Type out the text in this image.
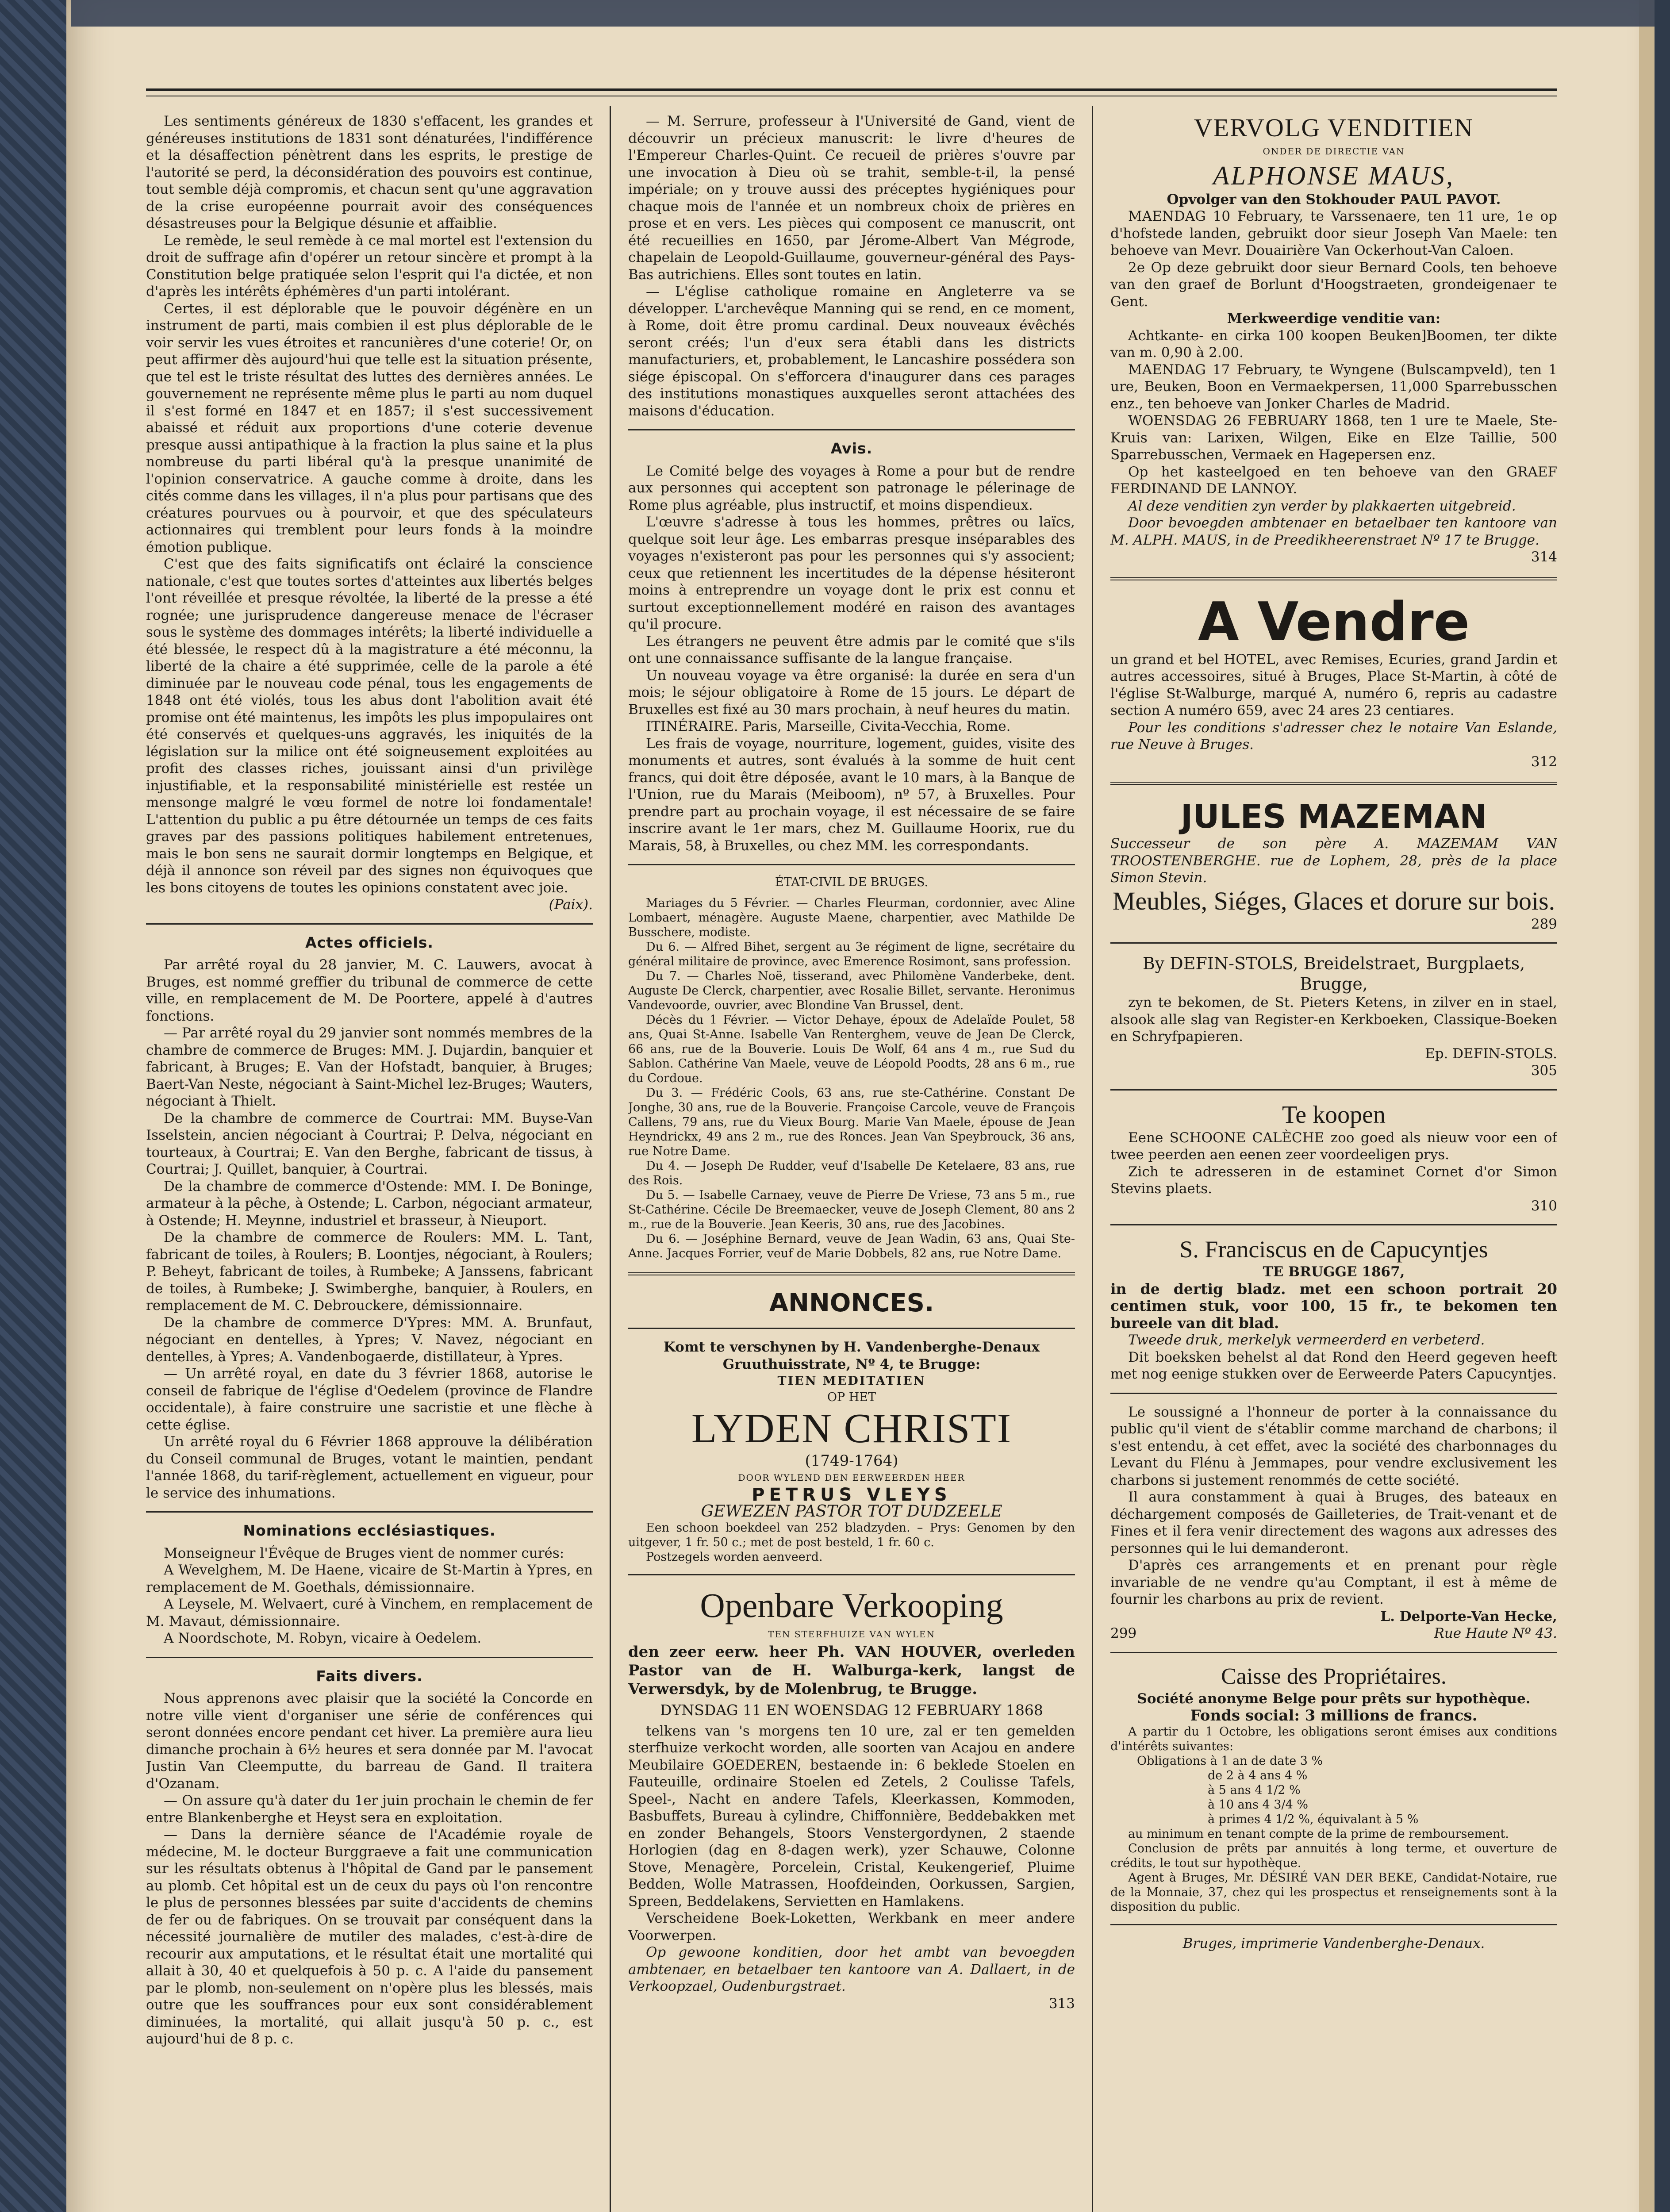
Les sentiments généreux de 1830 s'effacent, les grandes et généreuses institutions de 1831 sont dénaturées, l'indifférence et la désaffection pénètrent dans les esprits, le prestige de l'autorité se perd, la déconsidération des pouvoirs est continue, tout semble déjà compromis, et chacun sent qu'une aggravation de la crise européenne pourrait avoir des conséquences désastreuses pour la Belgique désunie et affaiblie.

Le remède, le seul remède à ce mal mortel est l'extension du droit de suffrage afin d'opérer un retour sincère et prompt à la Constitution belge pratiquée selon l'esprit qui l'a dictée, et non d'après les intérêts éphémères d'un parti intolérant.

Certes, il est déplorable que le pouvoir dégénère en un instrument de parti, mais combien il est plus déplorable de le voir servir les vues étroites et rancunières d'une coterie! Or, on peut affirmer dès aujourd'hui que telle est la situation présente, que tel est le triste résultat des luttes des dernières années. Le gouvernement ne représente même plus le parti au nom duquel il s'est formé en 1847 et en 1857; il s'est successivement abaissé et réduit aux proportions d'une coterie devenue presque aussi antipathique à la fraction la plus saine et la plus nombreuse du parti libéral qu'à la presque unanimité de l'opinion conservatrice. A gauche comme à droite, dans les cités comme dans les villages, il n'a plus pour partisans que des créatures pourvues ou à pourvoir, et que des spéculateurs actionnaires qui tremblent pour leurs fonds à la moindre émotion publique.

C'est que des faits significatifs ont éclairé la conscience nationale, c'est que toutes sortes d'atteintes aux libertés belges l'ont réveillée et presque révoltée, la liberté de la presse a été rognée; une jurisprudence dangereuse menace de l'écraser sous le système des dommages intérêts; la liberté individuelle a été blessée, le respect dû à la magistrature a été méconnu, la liberté de la chaire a été supprimée, celle de la parole a été diminuée par le nouveau code pénal, tous les engagements de 1848 ont été violés, tous les abus dont l'abolition avait été promise ont été maintenus, les impôts les plus impopulaires ont été conservés et quelques-uns aggravés, les iniquités de la législation sur la milice ont été soigneusement exploitées au profit des classes riches, jouissant ainsi d'un privilège injustifiable, et la responsabilité ministérielle est restée un mensonge malgré le vœu formel de notre loi fondamentale! L'attention du public a pu être détournée un temps de ces faits graves par des passions politiques habilement entretenues, mais le bon sens ne saurait dormir longtemps en Belgique, et déjà il annonce son réveil par des signes non équivoques que les bons citoyens de toutes les opinions constatent avec joie.

(Paix).

Actes officiels.

Par arrêté royal du 28 janvier, M. C. Lauwers, avocat à Bruges, est nommé greffier du tribunal de commerce de cette ville, en remplacement de M. De Poortere, appelé à d'autres fonctions.

— Par arrêté royal du 29 janvier sont nommés membres de la chambre de commerce de Bruges: MM. J. Dujardin, banquier et fabricant, à Bruges; E. Van der Hofstadt, banquier, à Bruges; Baert-Van Neste, négociant à Saint-Michel lez-Bruges; Wauters, négociant à Thielt.

De la chambre de commerce de Courtrai: MM. Buyse-Van Isselstein, ancien négociant à Courtrai; P. Delva, négociant en tourteaux, à Courtrai; E. Van den Berghe, fabricant de tissus, à Courtrai; J. Quillet, banquier, à Courtrai.

De la chambre de commerce d'Ostende: MM. I. De Boninge, armateur à la pêche, à Ostende; L. Carbon, négociant armateur, à Ostende; H. Meynne, industriel et brasseur, à Nieuport.

De la chambre de commerce de Roulers: MM. L. Tant, fabricant de toiles, à Roulers; B. Loontjes, négociant, à Roulers; P. Beheyt, fabricant de toiles, à Rumbeke; A Janssens, fabricant de toiles, à Rumbeke; J. Swimberghe, banquier, à Roulers, en remplacement de M. C. Debrouckere, démissionnaire.

De la chambre de commerce D'Ypres: MM. A. Brunfaut, négociant en dentelles, à Ypres; V. Navez, négociant en dentelles, à Ypres; A. Vandenbogaerde, distillateur, à Ypres.

— Un arrêté royal, en date du 3 février 1868, autorise le conseil de fabrique de l'église d'Oedelem (province de Flandre occidentale), à faire construire une sacristie et une flèche à cette église.

Un arrêté royal du 6 Février 1868 approuve la délibération du Conseil communal de Bruges, votant le maintien, pendant l'année 1868, du tarif-règlement, actuellement en vigueur, pour le service des inhumations.

Nominations ecclésiastiques.

Monseigneur l'Évêque de Bruges vient de nommer curés:

A Wevelghem, M. De Haene, vicaire de St-Martin à Ypres, en remplacement de M. Goethals, démissionnaire.

A Leysele, M. Welvaert, curé à Vinchem, en remplacement de M. Mavaut, démissionnaire.

A Noordschote, M. Robyn, vicaire à Oedelem.

Faits divers.

Nous apprenons avec plaisir que la société la Concorde en notre ville vient d'organiser une série de conférences qui seront données encore pendant cet hiver. La première aura lieu dimanche prochain à 6½ heures et sera donnée par M. l'avocat Justin Van Cleemputte, du barreau de Gand. Il traitera d'Ozanam.

— On assure qu'à dater du 1er juin prochain le chemin de fer entre Blankenberghe et Heyst sera en exploitation.

— Dans la dernière séance de l'Académie royale de médecine, M. le docteur Burggraeve a fait une communication sur les résultats obtenus à l'hôpital de Gand par le pansement au plomb. Cet hôpital est un de ceux du pays où l'on rencontre le plus de personnes blessées par suite d'accidents de chemins de fer ou de fabriques. On se trouvait par conséquent dans la nécessité journalière de mutiler des malades, c'est-à-dire de recourir aux amputations, et le résultat était une mortalité qui allait à 30, 40 et quelquefois à 50 p. c. A l'aide du pansement par le plomb, non-seulement on n'opère plus les blessés, mais outre que les souffrances pour eux sont considérablement diminuées, la mortalité, qui allait jusqu'à 50 p. c., est aujourd'hui de 8 p. c.

— M. Serrure, professeur à l'Université de Gand, vient de découvrir un précieux manuscrit: le livre d'heures de l'Empereur Charles-Quint. Ce recueil de prières s'ouvre par une invocation à Dieu où se trahit, semble-t-il, la pensé impériale; on y trouve aussi des préceptes hygiéniques pour chaque mois de l'année et un nombreux choix de prières en prose et en vers. Les pièces qui composent ce manuscrit, ont été recueillies en 1650, par Jérome-Albert Van Mégrode, chapelain de Leopold-Guillaume, gouverneur-général des Pays-Bas autrichiens. Elles sont toutes en latin.

— L'église catholique romaine en Angleterre va se développer. L'archevêque Manning qui se rend, en ce moment, à Rome, doit être promu cardinal. Deux nouveaux évêchés seront créés; l'un d'eux sera établi dans les districts manufacturiers, et, probablement, le Lancashire possédera son siége épiscopal. On s'efforcera d'inaugurer dans ces parages des institutions monastiques auxquelles seront attachées des maisons d'éducation.

Avis.

Le Comité belge des voyages à Rome a pour but de rendre aux personnes qui acceptent son patronage le pélerinage de Rome plus agréable, plus instructif, et moins dispendieux.

L'œuvre s'adresse à tous les hommes, prêtres ou laïcs, quelque soit leur âge. Les embarras presque inséparables des voyages n'existeront pas pour les personnes qui s'y associent; ceux que retiennent les incertitudes de la dépense hésiteront moins à entreprendre un voyage dont le prix est connu et surtout exceptionnellement modéré en raison des avantages qu'il procure.

Les étrangers ne peuvent être admis par le comité que s'ils ont une connaissance suffisante de la langue française.

Un nouveau voyage va être organisé: la durée en sera d'un mois; le séjour obligatoire à Rome de 15 jours. Le départ de Bruxelles est fixé au 30 mars prochain, à neuf heures du matin.

ITINÉRAIRE. Paris, Marseille, Civita-Vecchia, Rome.

Les frais de voyage, nourriture, logement, guides, visite des monuments et autres, sont évalués à la somme de huit cent francs, qui doit être déposée, avant le 10 mars, à la Banque de l'Union, rue du Marais (Meiboom), nº 57, à Bruxelles. Pour prendre part au prochain voyage, il est nécessaire de se faire inscrire avant le 1er mars, chez M. Guillaume Hoorix, rue du Marais, 58, à Bruxelles, ou chez MM. les correspondants.

ÉTAT-CIVIL DE BRUGES.

Mariages du 5 Février. — Charles Fleurman, cordonnier, avec Aline Lombaert, ménagère. Auguste Maene, charpentier, avec Mathilde De Busschere, modiste.

Du 6. — Alfred Bihet, sergent au 3e régiment de ligne, secrétaire du général militaire de province, avec Emerence Rosimont, sans profession.

Du 7. — Charles Noë, tisserand, avec Philomène Vanderbeke, dent. Auguste De Clerck, charpentier, avec Rosalie Billet, servante. Heronimus Vandevoorde, ouvrier, avec Blondine Van Brussel, dent.

Décès du 1 Février. — Victor Dehaye, époux de Adelaïde Poulet, 58 ans, Quai St-Anne. Isabelle Van Renterghem, veuve de Jean De Clerck, 66 ans, rue de la Bouverie. Louis De Wolf, 64 ans 4 m., rue Sud du Sablon. Cathérine Van Maele, veuve de Léopold Poodts, 28 ans 6 m., rue du Cordoue.

Du 3. — Frédéric Cools, 63 ans, rue ste-Cathérine. Constant De Jonghe, 30 ans, rue de la Bouverie. Françoise Carcole, veuve de François Callens, 79 ans, rue du Vieux Bourg. Marie Van Maele, épouse de Jean Heyndrickx, 49 ans 2 m., rue des Ronces. Jean Van Speybrouck, 36 ans, rue Notre Dame.

Du 4. — Joseph De Rudder, veuf d'Isabelle De Ketelaere, 83 ans, rue des Rois.

Du 5. — Isabelle Carnaey, veuve de Pierre De Vriese, 73 ans 5 m., rue St-Cathérine. Cécile De Breemaecker, veuve de Joseph Clement, 80 ans 2 m., rue de la Bouverie. Jean Keeris, 30 ans, rue des Jacobines.

Du 6. — Joséphine Bernard, veuve de Jean Wadin, 63 ans, Quai Ste-Anne. Jacques Forrier, veuf de Marie Dobbels, 82 ans, rue Notre Dame.

ANNONCES.
Komt te verschynen by H. Vandenberghe-Denaux
Gruuthuisstrate, Nº 4, te Brugge:
TIEN MEDITATIEN
OP HET
LYDEN CHRISTI
(1749-1764)
DOOR WYLEND DEN EERWEERDEN HEER
PETRUS VLEYS
GEWEZEN PASTOR TOT DUDZEELE

Een schoon boekdeel van 252 bladzyden. – Prys: Genomen by den uitgever, 1 fr. 50 c.; met de post besteld, 1 fr. 60 c.

Postzegels worden aenveerd.

Openbare Verkooping
TEN STERFHUIZE VAN WYLEN

den zeer eerw. heer Ph. VAN HOUVER, overleden Pastor van de H. Walburga-kerk, langst de Verwersdyk, by de Molenbrug, te Brugge.

DYNSDAG 11 EN WOENSDAG 12 FEBRUARY 1868

telkens van 's morgens ten 10 ure, zal er ten gemelden sterfhuize verkocht worden, alle soorten van Acajou en andere Meubilaire GOEDEREN, bestaende in: 6 beklede Stoelen en Fauteuille, ordinaire Stoelen ed Zetels, 2 Coulisse Tafels, Speel-, Nacht en andere Tafels, Kleerkassen, Kommoden, Basbuffets, Bureau à cylindre, Chiffonnière, Beddebakken met en zonder Behangels, Stoors Venstergordynen, 2 staende Horlogien (dag en 8-dagen werk), yzer Schauwe, Colonne Stove, Menagère, Porcelein, Cristal, Keukengerief, Pluime Bedden, Wolle Matrassen, Hoofdeinden, Oorkussen, Sargien, Spreen, Beddelakens, Servietten en Hamlakens.

Verscheidene Boek-Loketten, Werkbank en meer andere Voorwerpen.

Op gewoone konditien, door het ambt van bevoegden ambtenaer, en betaelbaer ten kantoore van A. Dallaert, in de Verkoopzael, Oudenburgstraet.

313
VERVOLG VENDITIEN
ONDER DE DIRECTIE VAN
ALPHONSE MAUS,
Opvolger van den Stokhouder PAUL PAVOT.

MAENDAG 10 February, te Varssenaere, ten 11 ure, 1e op d'hofstede landen, gebruikt door sieur Joseph Van Maele: ten behoeve van Mevr. Douairière Van Ockerhout-Van Caloen.

2e Op deze gebruikt door sieur Bernard Cools, ten behoeve van den graef de Borlunt d'Hoogstraeten, grondeigenaer te Gent.

Merkweerdige venditie van:

Achtkante- en cirka 100 koopen Beuken]Boomen, ter dikte van m. 0,90 à 2.00.

MAENDAG 17 February, te Wyngene (Bulscampveld), ten 1 ure, Beuken, Boon en Vermaekpersen, 11,000 Sparrebusschen enz., ten behoeve van Jonker Charles de Madrid.

WOENSDAG 26 FEBRUARY 1868, ten 1 ure te Maele, Ste-Kruis van: Larixen, Wilgen, Eike en Elze Taillie, 500 Sparrebusschen, Vermaek en Hagepersen enz.

Op het kasteelgoed en ten behoeve van den GRAEF FERDINAND DE LANNOY.

Al deze venditien zyn verder by plakkaerten uitgebreid.

Door bevoegden ambtenaer en betaelbaer ten kantoore van M. ALPH. MAUS, in de Preedikheerenstraet Nº 17 te Brugge.

314
A Vendre

un grand et bel HOTEL, avec Remises, Ecuries, grand Jardin et autres accessoires, situé à Bruges, Place St-Martin, à côté de l'église St-Walburge, marqué A, numéro 6, repris au cadastre section A numéro 659, avec 24 ares 23 centiares.

Pour les conditions s'adresser chez le notaire Van Eslande, rue Neuve à Bruges.

312
JULES MAZEMAN

Successeur de son père A. MAZEMAM VAN TROOSTENBERGHE. rue de Lophem, 28, près de la place Simon Stevin.

Meubles, Siéges, Glaces et dorure sur bois.
289
By DEFIN-STOLS, Breidelstraet, Burgplaets, Brugge,

zyn te bekomen, de St. Pieters Ketens, in zilver en in stael, alsook alle slag van Register-en Kerkboeken, Classique-Boeken en Schryfpapieren.

Ep. DEFIN-STOLS.
305
Te koopen

Eene SCHOONE CALÈCHE zoo goed als nieuw voor een of twee peerden aen eenen zeer voordeeligen prys.

Zich te adresseren in de estaminet Cornet d'or Simon Stevins plaets.

310
S. Franciscus en de Capucyntjes
TE BRUGGE 1867,

in de dertig bladz. met een schoon portrait 20 centimen stuk, voor 100, 15 fr., te bekomen ten bureele van dit blad.

Tweede druk, merkelyk vermeerderd en verbeterd.

Dit boeksken behelst al dat Rond den Heerd gegeven heeft met nog eenige stukken over de Eerweerde Paters Capucyntjes.

Le soussigné a l'honneur de porter à la connaissance du public qu'il vient de s'établir comme marchand de charbons; il s'est entendu, à cet effet, avec la société des charbonnages du Levant du Flénu à Jemmapes, pour vendre exclusivement les charbons si justement renommés de cette société.

Il aura constamment à quai à Bruges, des bateaux en déchargement composés de Gailleteries, de Trait-venant et de Fines et il fera venir directement des wagons aux adresses des personnes qui le lui demanderont.

D'après ces arrangements et en prenant pour règle invariable de ne vendre qu'au Comptant, il est à même de fournir les charbons au prix de revient.

L. Delporte-Van Hecke,
299	Rue Haute Nº 43.
Caisse des Propriétaires.
Société anonyme Belge pour prêts sur hypothèque.
Fonds social: 3 millions de francs.

A partir du 1 Octobre, les obligations seront émises aux conditions d'intérêts suivantes:

Obligations à 1 an de date 3 %
de 2 à 4 ans 4 %
à 5 ans 4 1/2 %
à 10 ans 4 3/4 %
à primes 4 1/2 %, équivalant à 5 %

au minimum en tenant compte de la prime de remboursement.

Conclusion de prêts par annuités à long terme, et ouverture de crédits, le tout sur hypothèque.

Agent à Bruges, Mr. DÉSIRÉ VAN DER BEKE, Candidat-Notaire, rue de la Monnaie, 37, chez qui les prospectus et renseignements sont à la disposition du public.

Bruges, imprimerie Vandenberghe-Denaux.
